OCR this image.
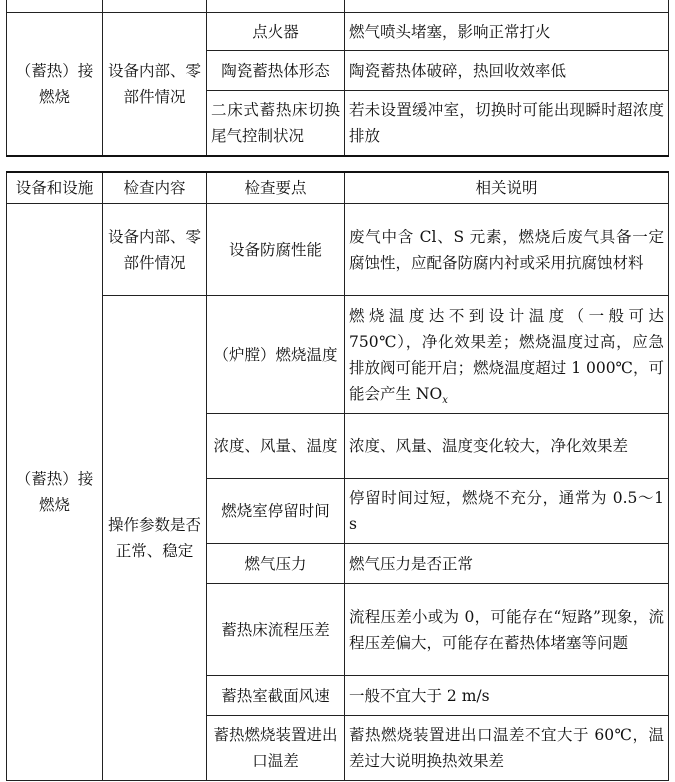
（蓄热）接燃烧	设备内部、零部件情况	点火器	燃气喷头堵塞，影响正常打火
		陶瓷蓄热体形态	陶瓷蓄热体破碎，热回收效率低
		二床式蓄热床切换尾气控制状况	若未设置缓冲室，切换时可能出现瞬时超浓度排放
设备和设施	检查内容	检查要点	相关说明
（蓄热）接燃烧	设备内部、零部件情况	设备防腐性能	废气中含 Cl、S 元素，燃烧后废气具备一定腐蚀性，应配备防腐内衬或采用抗腐蚀材料
	操作参数是否正常、稳定	（炉膛）燃烧温度	燃烧温度达不到设计温度（一般可达 750℃），净化效果差；燃烧温度过高，应急排放阀可能开启；燃烧温度超过 1 000℃，可能会产生 $NO_x$
		浓度、风量、温度	浓度、风量、温度变化较大，净化效果差
		燃烧室停留时间	停留时间过短，燃烧不充分，通常为 0.5～1 s
		燃气压力	燃气压力是否正常
		蓄热床流程压差	流程压差小或为 0，可能存在“短路”现象，流程压差偏大，可能存在蓄热体堵塞等问题
		蓄热室截面风速	一般不宜大于 2 m/s
		蓄热燃烧装置进出口温差	蓄热燃烧装置进出口温差不宜大于 60℃，温差过大说明换热效果差
